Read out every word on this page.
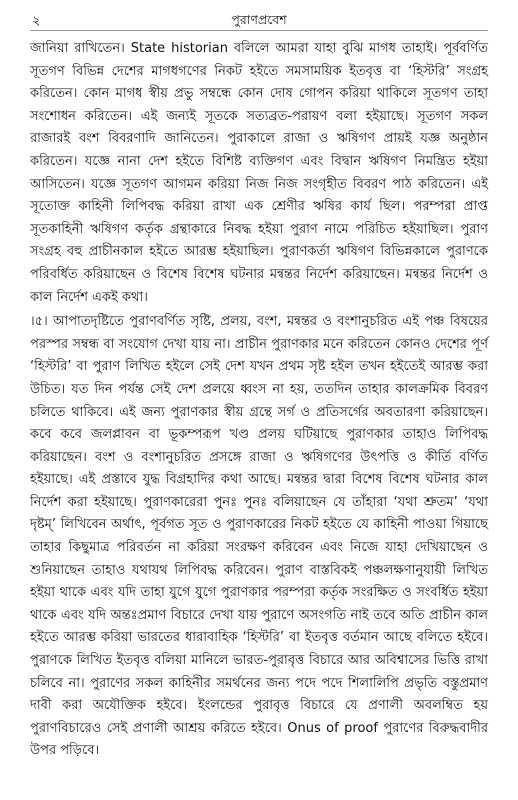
২	পুরাণপ্রবেশ

জানিয়া রাখিতেন। State historian বলিলে আমরা যাহা বুঝি মাগধ তাহাই। পূর্ববর্ণিত সূতগণ বিভিন্ন দেশের মাগধগণের নিকট হইতে সমসাময়িক ইতবৃত্ত বা ‘হিস্টরি’ সংগ্রহ করিতেন। কোন মাগধ স্বীয় প্রভু সম্বন্ধে কোন দোষ গোপন করিয়া থাকিলে সূতগণ তাহা সংশোধন করিতেন। এই জন্যই সূতকে সত্যব্রত-পরায়ণ বলা হইয়াছে। সূতগণ সকল রাজারই বংশ বিবরণাদি জানিতেন। পুরাকালে রাজা ও ঋষিগণ প্রায়ই যজ্ঞ অনুষ্ঠান করিতেন। যজ্ঞে নানা দেশ হইতে বিশিষ্ট ব্যক্তিগণ এবং বিদ্বান ঋষিগণ নিমন্ত্রিত হইয়া আসিতেন। যজ্ঞে সূতগণ আগমন করিয়া নিজ নিজ সংগৃহীত বিবরণ পাঠ করিতেন। এই সূতোক্ত কাহিনী লিপিবদ্ধ করিয়া রাখা এক শ্রেণীর ঋষির কার্য ছিল। পরম্পরা প্রাপ্ত সূতকাহিনী ঋষিগণ কর্তৃক গ্রন্থাকারে নিবদ্ধ হইয়া পুরাণ নামে পরিচিত হইয়াছিল। পুরাণ সংগ্রহ বহু প্রাচীনকাল হইতে আরম্ভ হইয়াছিল। পুরাণকর্তা ঋষিগণ বিভিন্নকালে পুরাণকে পরিবর্ধিত করিয়াছেন ও বিশেষ বিশেষ ঘটনার মন্বন্তর নির্দেশ করিয়াছেন। মন্বন্তর নির্দেশ ও কাল নির্দেশ একই কথা।

।৫। আপাতদৃষ্টিতে পুরাণবর্ণিত সৃষ্টি, প্রলয়, বংশ, মন্বন্তর ও বংশানুচরিত এই পঞ্চ বিষয়ের পরস্পর সম্বন্ধ বা সংযোগ দেখা যায় না। প্রাচীন পুরাণকার মনে করিতেন কোনও দেশের পূর্ণ ‘হিস্টরি’ বা পুরাণ লিখিত হইলে সেই দেশ যখন প্রথম সৃষ্ট হইল তখন হইতেই আরম্ভ করা উচিত। যত দিন পর্যন্ত সেই দেশ প্রলয়ে ধ্বংস না হয়, ততদিন তাহার কালক্রমিক বিবরণ চলিতে থাকিবে। এই জন্য পুরাণকার স্বীয় গ্রন্থে সর্গ ও প্রতিসর্গের অবতারণা করিয়াছেন। কবে কবে জলপ্লাবন বা ভূকম্পরূপ খণ্ড প্রলয় ঘটিয়াছে পুরাণকার তাহাও লিপিবদ্ধ করিয়াছেন। বংশ ও বংশানুচরিত প্রসঙ্গে রাজা ও ঋষিগণের উৎপত্তি ও কীর্তি বর্ণিত হইয়াছে। এই প্রস্তাবে যুদ্ধ বিগ্রহাদির কথা আছে। মন্বন্তর দ্বারা বিশেষ বিশেষ ঘটনার কাল নির্দেশ করা হইয়াছে। পুরাণকারেরা পুনঃ পুনঃ বলিয়াছেন যে তাঁহারা ‘যথা শ্রুতম’ ‘যথা দৃষ্টম্’ লিখিবেন অর্থাৎ, পূর্বগত সূত ও পুরাণকারের নিকট হইতে যে কাহিনী পাওয়া গিয়াছে তাহার কিছুমাত্র পরিবর্তন না করিয়া সংরক্ষণ করিবেন এবং নিজে যাহা দেখিয়াছেন ও শুনিয়াছেন তাহাও যথাযথ লিপিবদ্ধ করিবেন। পুরাণ বাস্তবিকই পঞ্চলক্ষণানুযায়ী লিখিত হইয়া থাকে এবং যদি তাহা যুগে যুগে পুরাণকার পরম্পরা কর্তৃক সংরক্ষিত ও সংবর্ধিত হইয়া থাকে এবং যদি অন্তঃপ্রমাণ বিচারে দেখা যায় পুরাণে অসংগতি নাই তবে অতি প্রাচীন কাল হইতে আরম্ভ করিয়া ভারতের ধারাবাহিক ‘হিস্টরি’ বা ইতবৃত্ত বর্তমান আছে বলিতে হইবে। পুরাণকে লিখিত ইতবৃত্ত বলিয়া মানিলে ভারত-পুরাবৃত্ত বিচারে আর অবিশ্বাসের ভিত্তি রাখা চলিবে না। পুরাণের সকল কাহিনীর সমর্থনের জন্য পদে পদে শিলালিপি প্রভৃতি বস্তুপ্রমাণ দাবী করা অযৌক্তিক হইবে। ইংলন্ডের পুরাবৃত্ত বিচারে যে প্রণালী অবলম্বিত হয় পুরাণবিচারেও সেই প্রণালী আশ্রয় করিতে হইবে। Onus of proof পুরাণের বিরুদ্ধবাদীর উপর পড়িবে।
